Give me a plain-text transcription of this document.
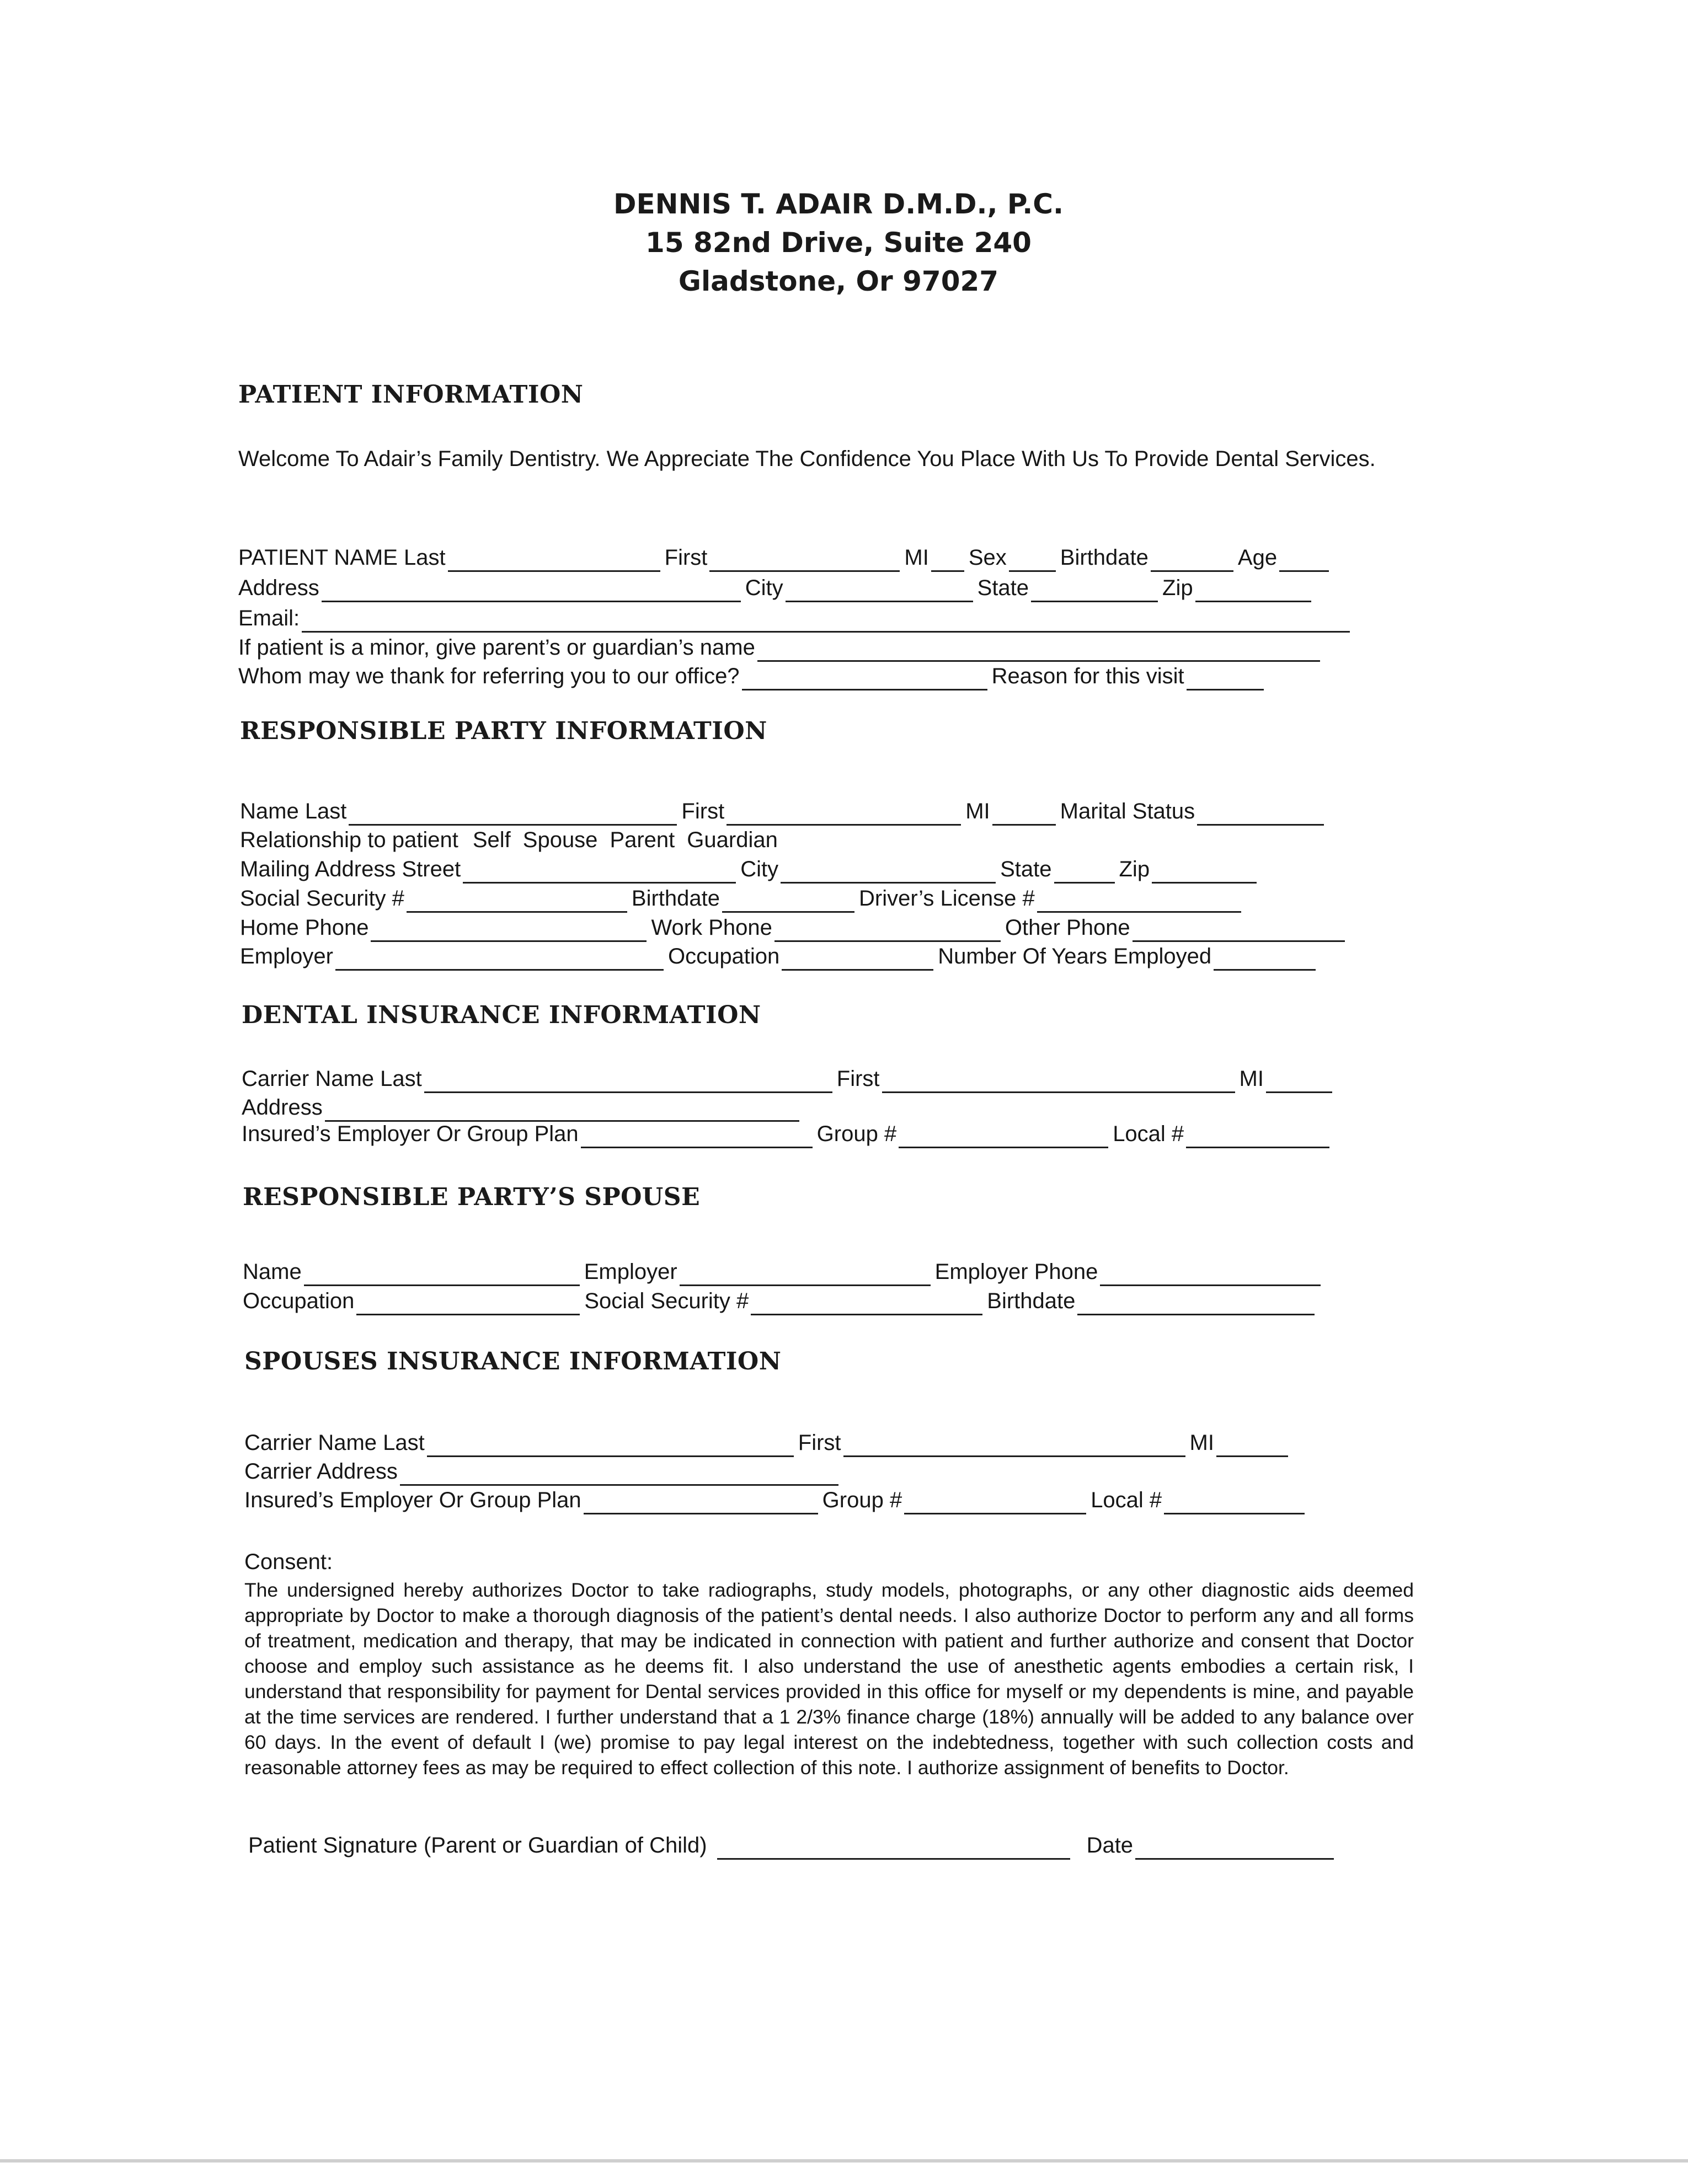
DENNIS T. ADAIR D.M.D., P.C.
15 82nd Drive, Suite 240
Gladstone, Or 97027
PATIENT INFORMATION
Welcome To Adair’s Family Dentistry. We Appreciate The Confidence You Place With Us To Provide Dental Services.
PATIENT NAME Last	First	MI Sex Birthdate	Age
Address	City	State	Zip
Email:
If patient is a minor, give parent’s or guardian’s name
Whom may we thank for referring you to our office?	Reason for this visit
RESPONSIBLE PARTY INFORMATION
Name Last	First	MI	Marital Status
Relationship to patient Self Spouse Parent Guardian
Mailing Address Street	City	State	Zip
Social Security #	Birthdate	Driver’s License #
Home Phone	Work Phone	Other Phone
Employer	Occupation	Number Of Years Employed
DENTAL INSURANCE INFORMATION
Carrier Name Last	First	MI
Address
Insured’s Employer Or Group Plan	Group #	Local #
RESPONSIBLE PARTY’S SPOUSE
Name	Employer	Employer Phone
Occupation	Social Security #	Birthdate
SPOUSES INSURANCE INFORMATION
Carrier Name Last	First	MI
Carrier Address
Insured’s Employer Or Group Plan	Group #	Local #
Consent:
The undersigned hereby authorizes Doctor to take radiographs, study models, photographs, or any other diagnostic aids deemed appropriate by Doctor to make a thorough diagnosis of the patient’s dental needs. I also authorize Doctor to perform any and all forms of treatment, medication and therapy, that may be indicated in connection with patient and further authorize and consent that Doctor choose and employ such assistance as he deems fit. I also understand the use of anesthetic agents embodies a certain risk, I understand that responsibility for payment for Dental services provided in this office for myself or my dependents is mine, and payable at the time services are rendered. I further understand that a 1 2/3% finance charge (18%) annually will be added to any balance over 60 days. In the event of default I (we) promise to pay legal interest on the indebtedness, together with such collection costs and reasonable attorney fees as may be required to effect collection of this note. I authorize assignment of benefits to Doctor.
Patient Signature (Parent or Guardian of Child)	Date
